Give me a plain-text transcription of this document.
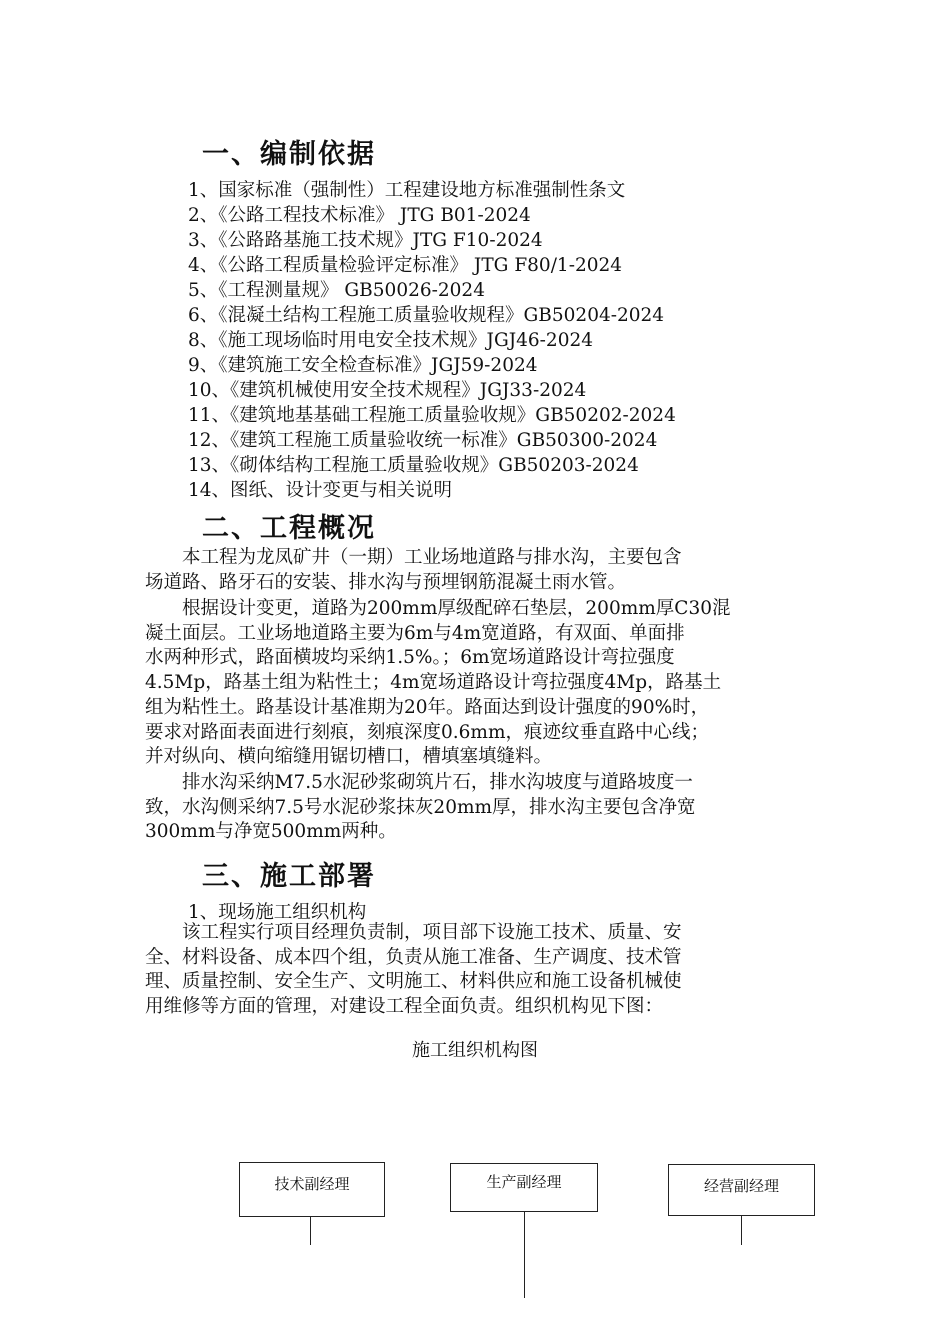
一、编制依据
1、国家标准（强制性）工程建设地方标准强制性条文
2、《公路工程技术标准》 JTG B01-2024
3、《公路路基施工技术规》JTG F10-2024
4、《公路工程质量检验评定标准》 JTG F80/1-2024
5、《工程测量规》 GB50026-2024
6、《混凝土结构工程施工质量验收规程》GB50204-2024
8、《施工现场临时用电安全技术规》JGJ46-2024
9、《建筑施工安全检查标准》JGJ59-2024
10、《建筑机械使用安全技术规程》JGJ33-2024
11、《建筑地基基础工程施工质量验收规》GB50202-2024
12、《建筑工程施工质量验收统一标准》GB50300-2024
13、《砌体结构工程施工质量验收规》GB50203-2024
14、图纸、设计变更与相关说明
二、工程概况
　　本工程为龙凤矿井（一期）工业场地道路与排水沟，主要包含
场道路、路牙石的安装、排水沟与预埋钢筋混凝土雨水管。
　　根据设计变更，道路为200mm厚级配碎石垫层，200mm厚C30混
凝土面层。工业场地道路主要为6m与4m宽道路，有双面、单面排
水两种形式，路面横坡均采纳1.5%。；6m宽场道路设计弯拉强度
4.5Mp，路基土组为粘性土；4m宽场道路设计弯拉强度4Mp，路基土
组为粘性土。路基设计基准期为20年。路面达到设计强度的90%时，
要求对路面表面进行刻痕，刻痕深度0.6mm，痕迹纹垂直路中心线；
并对纵向、横向缩缝用锯切槽口，槽填塞填缝料。
　　排水沟采纳M7.5水泥砂浆砌筑片石，排水沟坡度与道路坡度一
致，水沟侧采纳7.5号水泥砂浆抹灰20mm厚，排水沟主要包含净宽
300mm与净宽500mm两种。
三、施工部署
1、现场施工组织机构
　　该工程实行项目经理负责制，项目部下设施工技术、质量、安
全、材料设备、成本四个组，负责从施工准备、生产调度、技术管
理、质量控制、安全生产、文明施工、材料供应和施工设备机械使
用维修等方面的管理，对建设工程全面负责。组织机构见下图：
施工组织机构图
技术副经理	生产副经理	经营副经理
